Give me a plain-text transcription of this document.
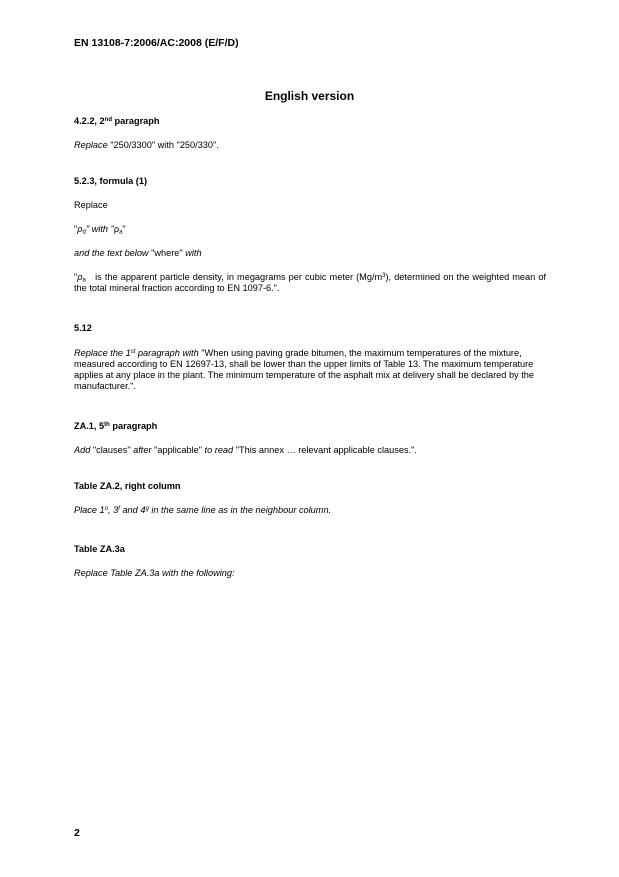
EN 13108-7:2006/AC:2008 (E/F/D)
English version
4.2.2, 2nd paragraph
Replace "250/3300" with "250/330".
5.2.3, formula (1)
Replace
"$\rho_d$" with "$\rho_a$"
and the text below "where" with
"$\rho_a$   is the apparent particle density, in megagrams per cubic meter $(Mg/m^3)$, determined on the weighted mean of the total mineral fraction according to EN 1097-6.".
5.12
Replace the 1st paragraph with "When using paving grade bitumen, the maximum temperatures of the mixture, measured according to EN 12697-13, shall be lower than the upper limits of Table 13. The maximum temperature applies at any place in the plant. The minimum temperature of the asphalt mix at delivery shall be declared by the manufacturer.".
ZA.1, 5th paragraph
Add "clauses" after "applicable" to read "This annex … relevant applicable clauses.".
Table ZA.2, right column
Place 1$^o$, 3$^f$ and 4$^g$ in the same line as in the neighbour column.
Table ZA.3a
Replace Table ZA.3a with the following:
2
